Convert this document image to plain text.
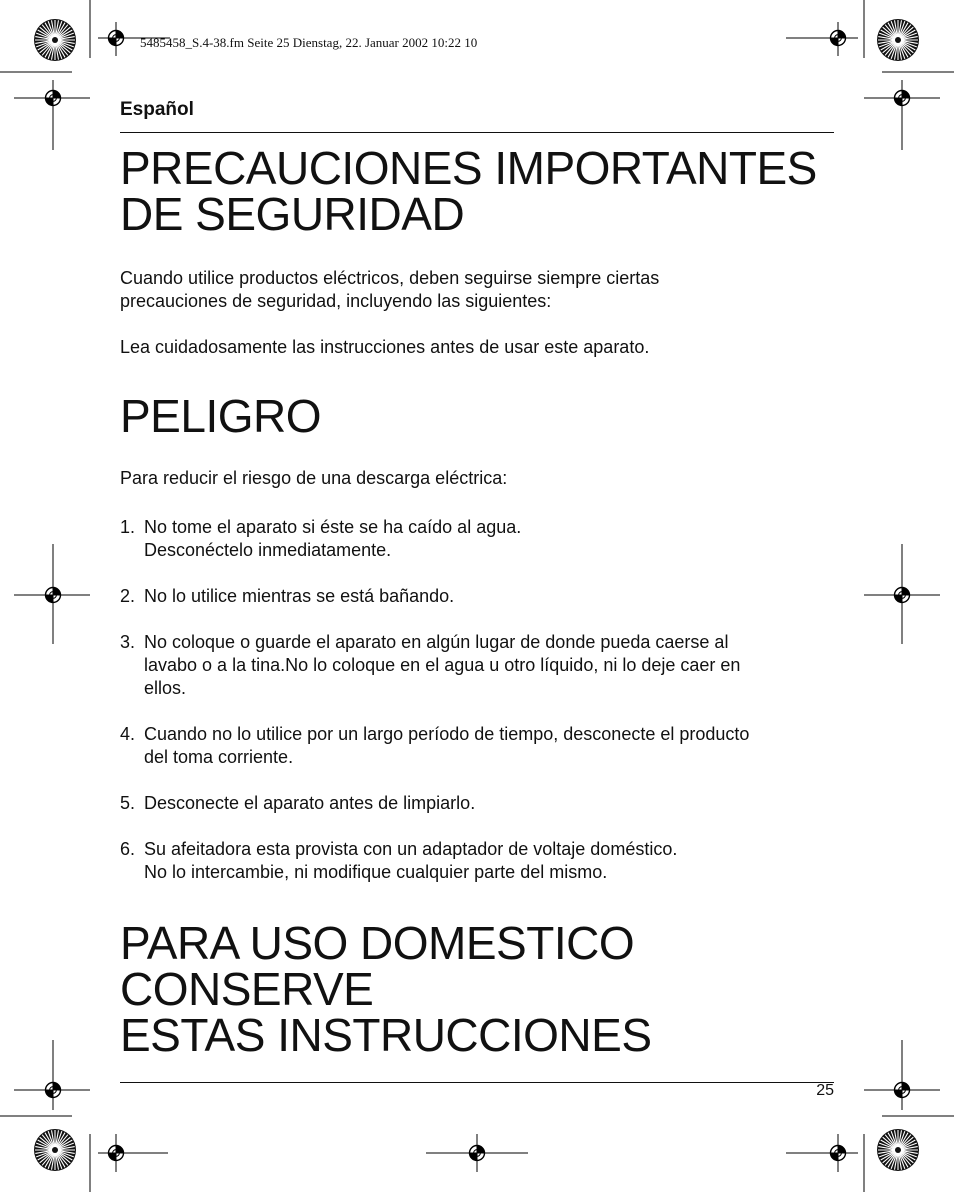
5485458_S.4-38.fm Seite 25 Dienstag, 22. Januar 2002 10:22 10

Español

PRECAUCIONES IMPORTANTES
DE SEGURIDAD

Cuando utilice productos eléctricos, deben seguirse siempre ciertas
precauciones de seguridad, incluyendo las siguientes:

Lea cuidadosamente las instrucciones antes de usar este aparato.

PELIGRO

Para reducir el riesgo de una descarga eléctrica:

1. No tome el aparato si éste se ha caído al agua.
Desconéctelo inmediatamente.
2. No lo utilice mientras se está bañando.
3. No coloque o guarde el aparato en algún lugar de donde pueda caerse al
lavabo o a la tina.No lo coloque en el agua u otro líquido, ni lo deje caer en
ellos.
4. Cuando no lo utilice por un largo período de tiempo, desconecte el producto
del toma corriente.
5. Desconecte el aparato antes de limpiarlo.
6. Su afeitadora esta provista con un adaptador de voltaje doméstico.
No lo intercambie, ni modifique cualquier parte del mismo.
PARA USO DOMESTICO
CONSERVE
ESTAS INSTRUCCIONES
25
